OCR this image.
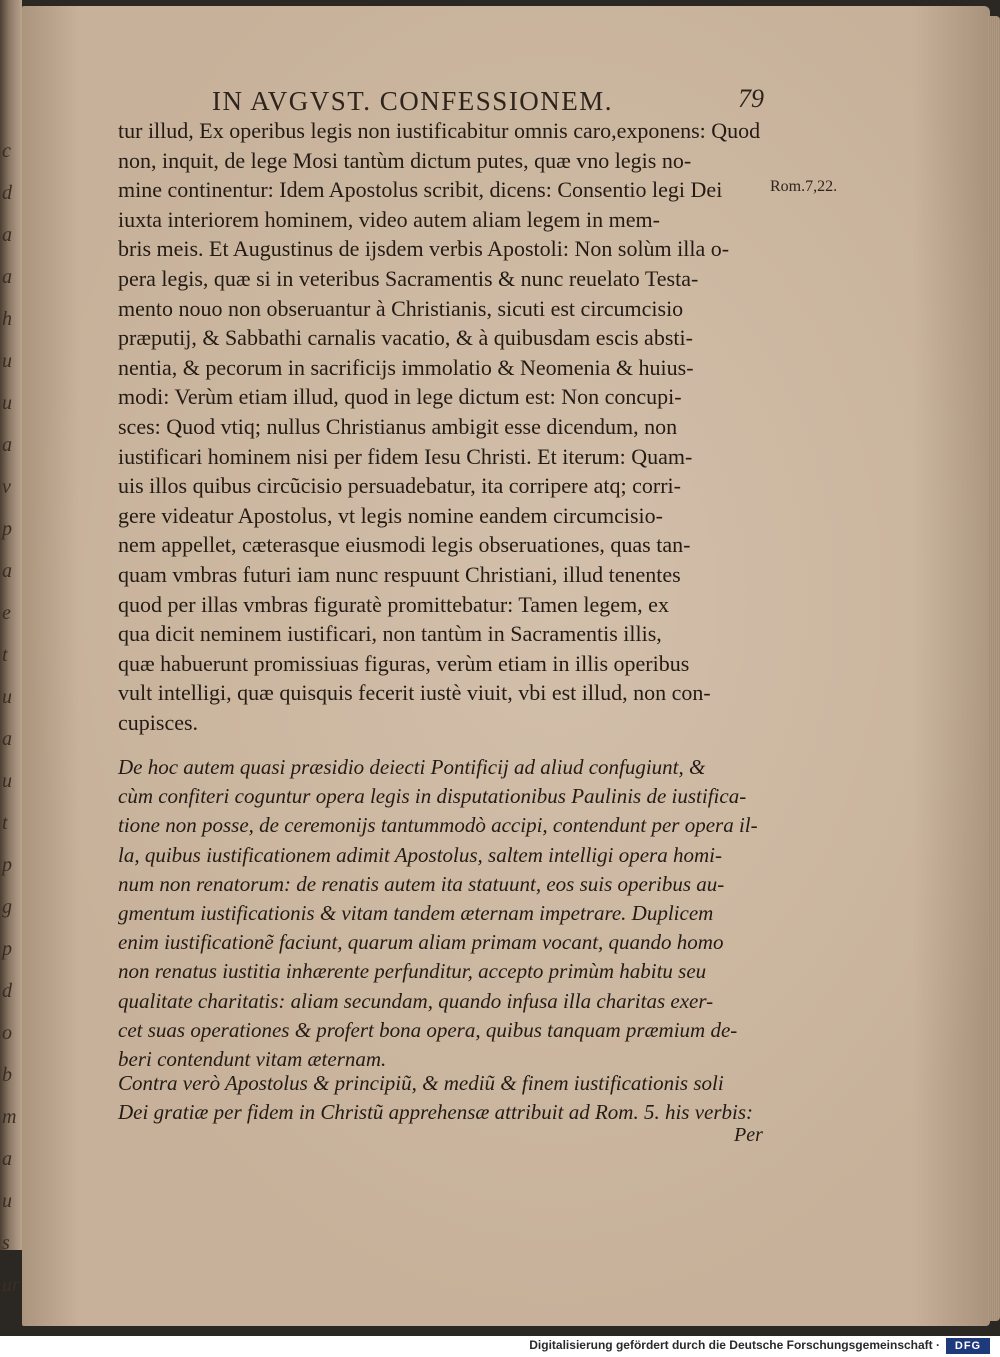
c
d
a
a
h
u
u
a
v
p
a
e
t
u
a
u
t
p
g
p
d
o
b
m
a
u
s
ur
IN AVGVST. CONFESSIONEM.	79
Rom.7,22.
tur illud, Ex operibus legis non iustificabitur omnis caro,exponens: Quod
non, inquit, de lege Mosi tantùm dictum putes, quæ vno legis no-
mine continentur: Idem Apostolus scribit, dicens: Consentio legi Dei
iuxta interiorem hominem, video autem aliam legem in mem-
bris meis. Et Augustinus de ijsdem verbis Apostoli: Non solùm illa o-
pera legis, quæ si in veteribus Sacramentis & nunc reuelato Testa-
mento nouo non obseruantur à Christianis, sicuti est circumcisio
præputij, & Sabbathi carnalis vacatio, & à quibusdam escis absti-
nentia, & pecorum in sacrificijs immolatio & Neomenia & huius-
modi: Verùm etiam illud, quod in lege dictum est: Non concupi-
sces: Quod vtiq; nullus Christianus ambigit esse dicendum, non
iustificari hominem nisi per fidem Iesu Christi. Et iterum: Quam-
uis illos quibus circũcisio persuadebatur, ita corripere atq; corri-
gere videatur Apostolus, vt legis nomine eandem circumcisio-
nem appellet, cæterasque eiusmodi legis obseruationes, quas tan-
quam vmbras futuri iam nunc respuunt Christiani, illud tenentes
quod per illas vmbras figuratè promittebatur: Tamen legem, ex
qua dicit neminem iustificari, non tantùm in Sacramentis illis,
quæ habuerunt promissiuas figuras, verùm etiam in illis operibus
vult intelligi, quæ quisquis fecerit iustè viuit, vbi est illud, non con-
cupisces.
De hoc autem quasi præsidio deiecti Pontificij ad aliud confugiunt, &
cùm confiteri coguntur opera legis in disputationibus Paulinis de iustifica-
tione non posse, de ceremonijs tantummodò accipi, contendunt per opera il-
la, quibus iustificationem adimit Apostolus, saltem intelligi opera homi-
num non renatorum: de renatis autem ita statuunt, eos suis operibus au-
gmentum iustificationis & vitam tandem æternam impetrare. Duplicem
enim iustificationẽ faciunt, quarum aliam primam vocant, quando homo
non renatus iustitia inhærente perfunditur, accepto primùm habitu seu
qualitate charitatis: aliam secundam, quando infusa illa charitas exer-
cet suas operationes & profert bona opera, quibus tanquam præmium de-
beri contendunt vitam æternam.
Contra verò Apostolus & principiũ, & mediũ & finem iustificationis soli
Dei gratiæ per fidem in Christũ apprehensæ attribuit ad Rom. 5. his verbis:
Per
Digitalisierung gefördert durch die Deutsche Forschungsgemeinschaft ·	DFG
